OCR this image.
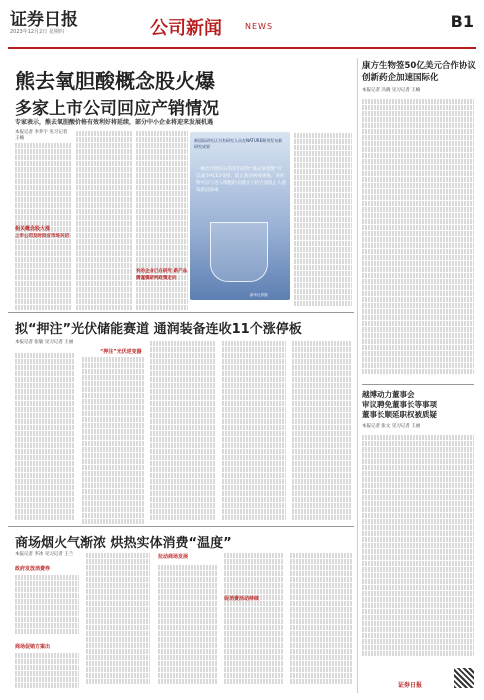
证券日报
2023年12月2日 星期四	公司新闻	NEWS	B1
熊去氧胆酸概念股火爆
多家上市公司回应产销情况
专家表示，熊去氧胆酸价格有效利好将延续，部分中小企业将迎来发展机遇
本报记者 李乔宇 见习记者 王楠
相关概念股大涨
上市公司及时回应市场关切
有的企业已在研究 新产品需谨慎研判政策走向
新国际研究认为有研究人员在NATURE期刊发布新研究成果
一种治疗胆结石的常用药物“熊去氧胆酸”可以减少ACE2受体，防止新冠病毒感染，该药物可以与进入细胞的关键分子结合而阻止人感染新冠病毒
新华社供图
拟“押注”光伏储能赛道 通润装备连收11个涨停板
本报记者 张敏 见习记者 王丽
“押注”光伏逆变器
商场烟火气渐浓 烘热实体消费“温度”
本报记者 李冰 见习记者 王兰
政府发放消费券
商场促销方案出
拉动商场发展
促消费活动持续
康方生物签50亿美元合作协议
创新药企加速国际化
本报记者 冯晓 见习记者 王楠
越博动力董事会
审议聘免董事长等事项
董事长顺延职权被质疑
本报记者 张文 见习记者 王丽
证券日报
